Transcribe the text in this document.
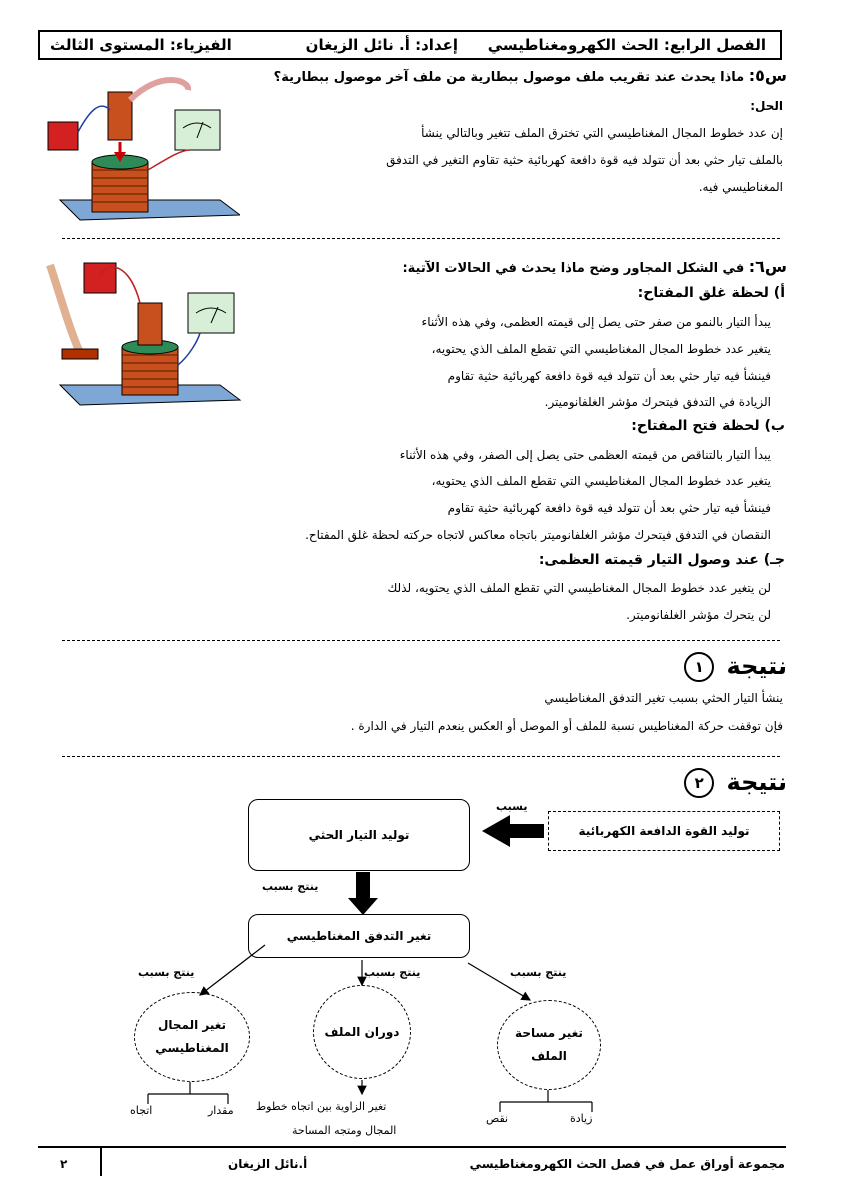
الفصل الرابع: الحث الكهرومغناطيسي
إعداد: أ. نائل الزيغان
الفيزياء: المستوى الثالث
س٥: ماذا يحدث عند تقريب ملف موصول ببطارية من ملف آخر موصول ببطارية؟
الحل:
إن عدد خطوط المجال المغناطيسي التي تخترق الملف تتغير وبالتالي ينشأ
بالملف تيار حثي بعد أن تتولد فيه قوة دافعة كهربائية حثية تقاوم التغير في التدفق
المغناطيسي فيه.
س٦: في الشكل المجاور وضح ماذا يحدث في الحالات الآتية:
أ) لحظة غلق المفتاح:
يبدأ التيار بالنمو من صفر حتى يصل إلى قيمته العظمى، وفي هذه الأثناء
يتغير عدد خطوط المجال المغناطيسي التي تقطع الملف الذي يحتويه،
فينشأ فيه تيار حثي بعد أن تتولد فيه قوة دافعة كهربائية حثية تقاوم
الزيادة في التدفق فيتحرك مؤشر الغلفانوميتر.
ب) لحظة فتح المفتاح:
يبدأ التيار بالتناقص من قيمته العظمى حتى يصل إلى الصفر، وفي هذه الأثناء
يتغير عدد خطوط المجال المغناطيسي التي تقطع الملف الذي يحتويه،
فينشأ فيه تيار حثي بعد أن تتولد فيه قوة دافعة كهربائية حثية تقاوم
النقصان في التدفق فيتحرك مؤشر الغلفانوميتر باتجاه معاكس لاتجاه حركته لحظة غلق المفتاح.
جـ) عند وصول التيار قيمته العظمى:
لن يتغير عدد خطوط المجال المغناطيسي التي تقطع الملف الذي يحتويه، لذلك
لن يتحرك مؤشر الغلفانوميتر.
نتيجة ١
ينشأ التيار الحثي بسبب تغير التدفق المغناطيسي
فإن توقفت حركة المغناطيس نسبة للملف أو الموصل أو العكس ينعدم التيار في الدارة .
نتيجة ٢
توليد التيار الحثي	توليد القوة الدافعة الكهربائية
يسبب
ينتج بسبب
تغير التدفق المغناطيسي
ينتج بسبب	ينتج بسبب	ينتج بسبب
تغير المجال
المغناطيسي
دوران الملف	تغير مساحة
الملف
مقدار
اتجاه	تغير الزاوية بين اتجاه خطوط
المجال ومتجه المساحة
زيادة
نقص
مجموعة أوراق عمل في فصل الحث الكهرومغناطيسي
أ.نائل الزيغان
٢
